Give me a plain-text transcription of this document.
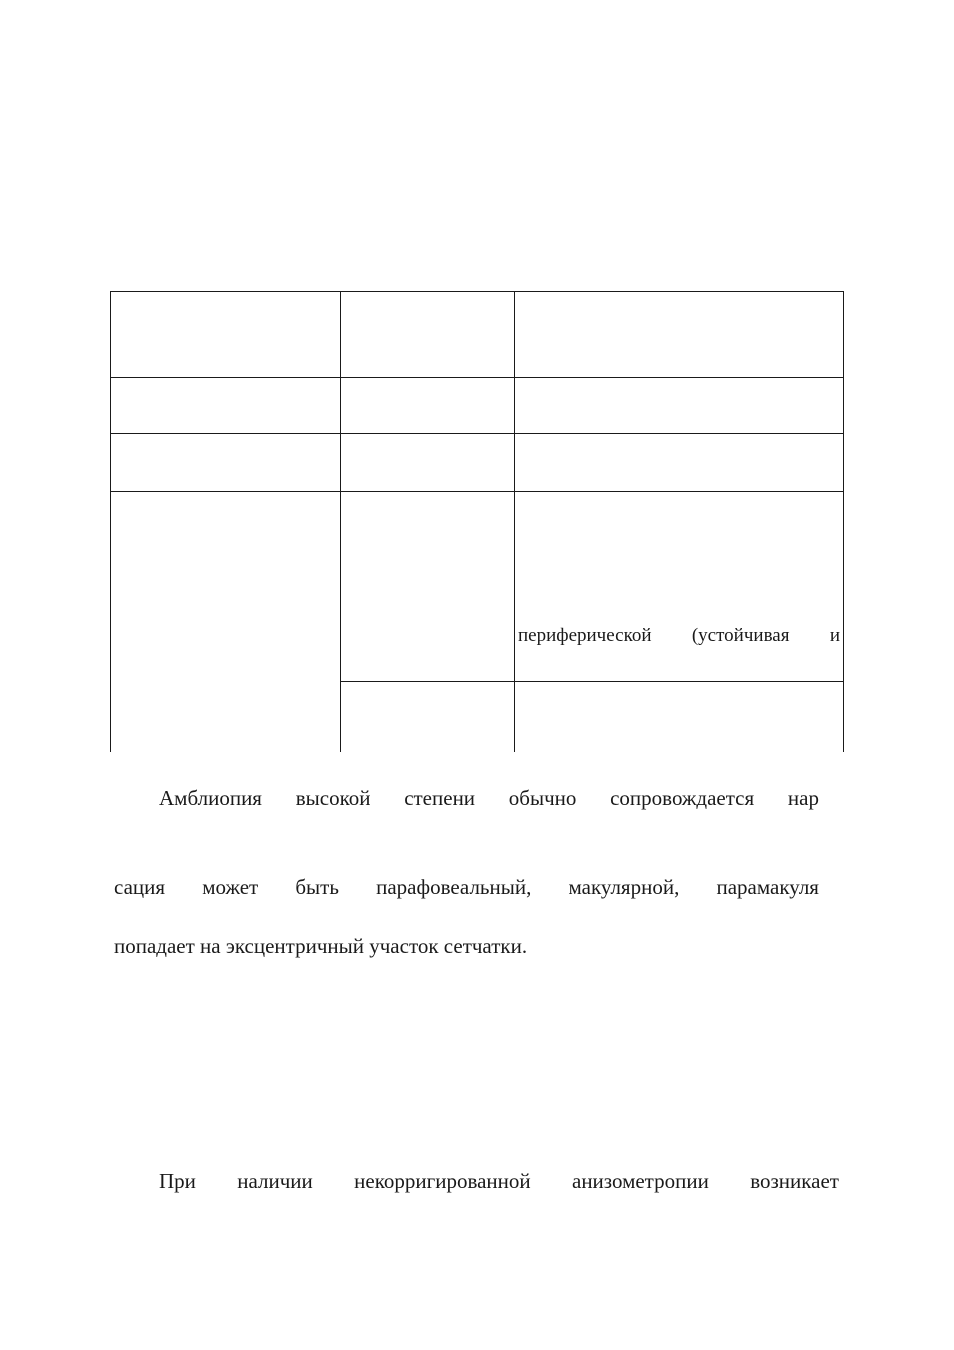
периферической (устойчивая и
Амблиопия высокой степени обычно сопровождается нар
сация может быть парафовеальный, макулярной, парамакуля
попадает на эксцентричный участок сетчатки.
При наличии некорригированной анизометропии возникает
